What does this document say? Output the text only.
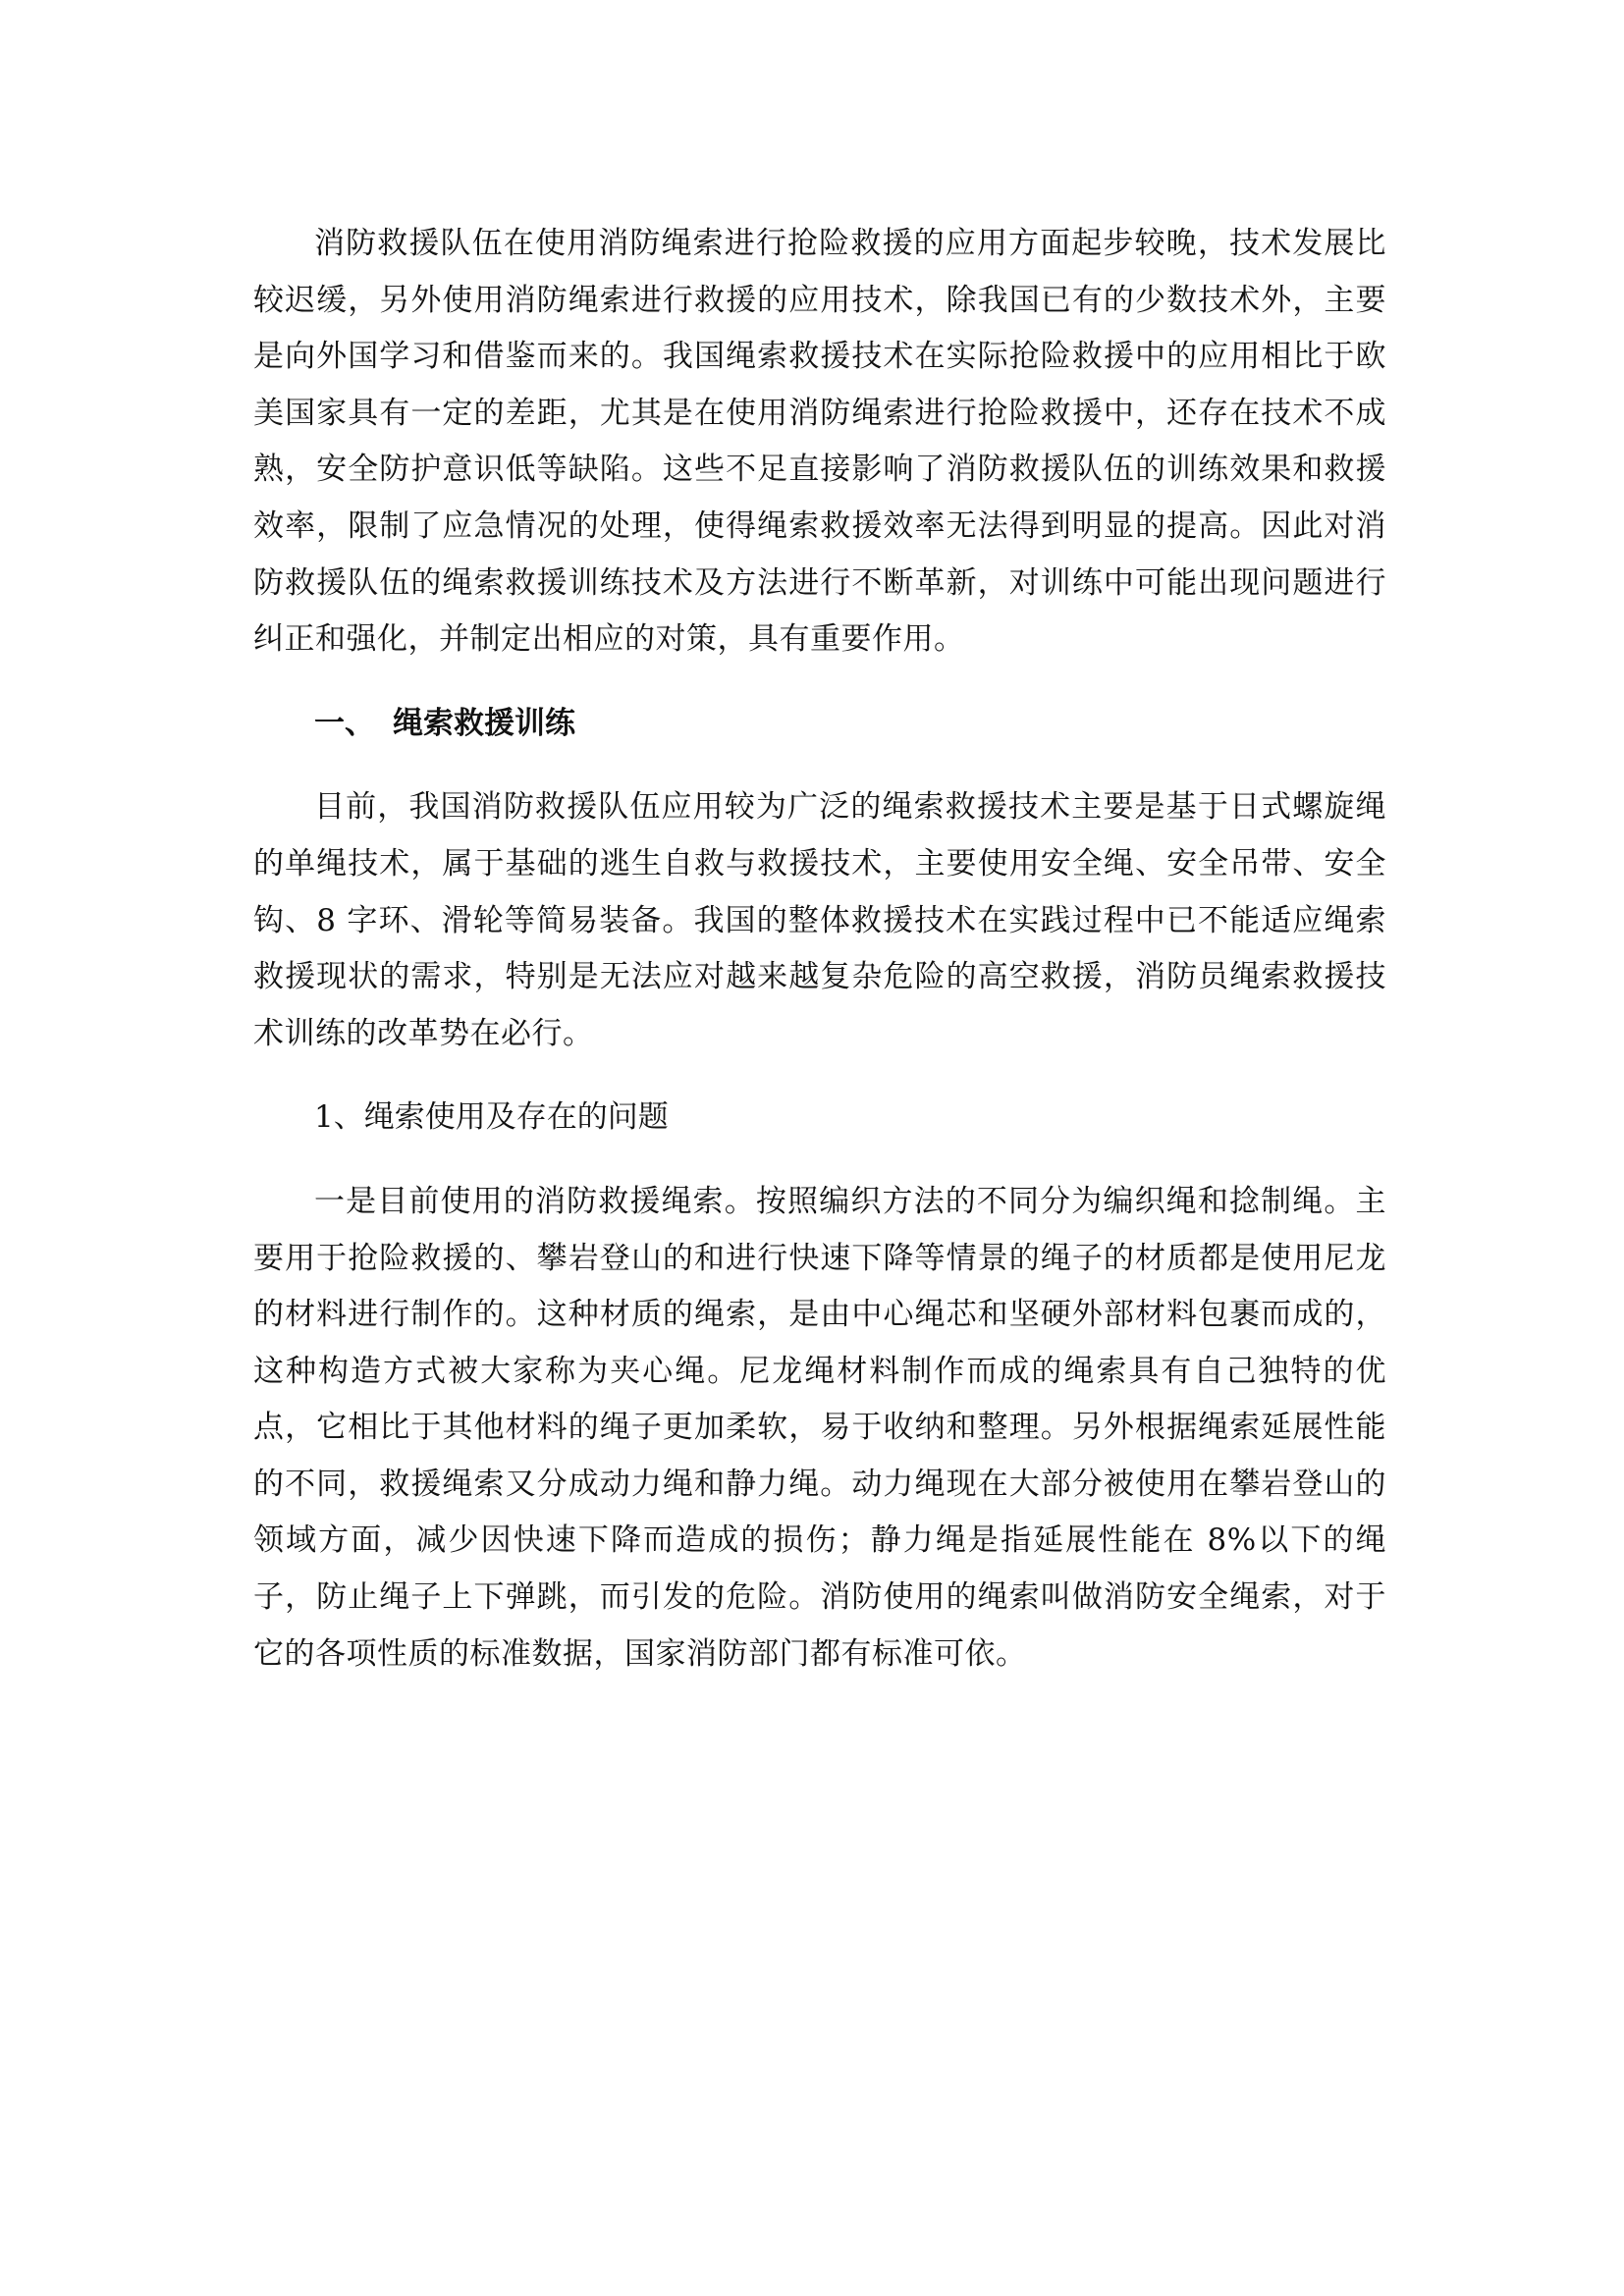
消防救援队伍在使用消防绳索进行抢险救援的应用方面起步较晚，技术发展比较迟缓，另外使用消防绳索进行救援的应用技术，除我国已有的少数技术外，主要是向外国学习和借鉴而来的。我国绳索救援技术在实际抢险救援中的应用相比于欧美国家具有一定的差距，尤其是在使用消防绳索进行抢险救援中，还存在技术不成熟，安全防护意识低等缺陷。这些不足直接影响了消防救援队伍的训练效果和救援效率，限制了应急情况的处理，使得绳索救援效率无法得到明显的提高。因此对消防救援队伍的绳索救援训练技术及方法进行不断革新，对训练中可能出现问题进行纠正和强化，并制定出相应的对策，具有重要作用。

一、 绳索救援训练

目前，我国消防救援队伍应用较为广泛的绳索救援技术主要是基于日式螺旋绳的单绳技术，属于基础的逃生自救与救援技术，主要使用安全绳、安全吊带、安全钩、8 字环、滑轮等简易装备。我国的整体救援技术在实践过程中已不能适应绳索救援现状的需求，特别是无法应对越来越复杂危险的高空救援，消防员绳索救援技术训练的改革势在必行。

1、绳索使用及存在的问题

一是目前使用的消防救援绳索。按照编织方法的不同分为编织绳和捻制绳。主要用于抢险救援的、攀岩登山的和进行快速下降等情景的绳子的材质都是使用尼龙的材料进行制作的。这种材质的绳索，是由中心绳芯和坚硬外部材料包裹而成的，这种构造方式被大家称为夹心绳。尼龙绳材料制作而成的绳索具有自己独特的优点，它相比于其他材料的绳子更加柔软，易于收纳和整理。另外根据绳索延展性能的不同，救援绳索又分成动力绳和静力绳。动力绳现在大部分被使用在攀岩登山的领域方面，减少因快速下降而造成的损伤；静力绳是指延展性能在 8%以下的绳子，防止绳子上下弹跳，而引发的危险。消防使用的绳索叫做消防安全绳索，对于它的各项性质的标准数据，国家消防部门都有标准可依。
